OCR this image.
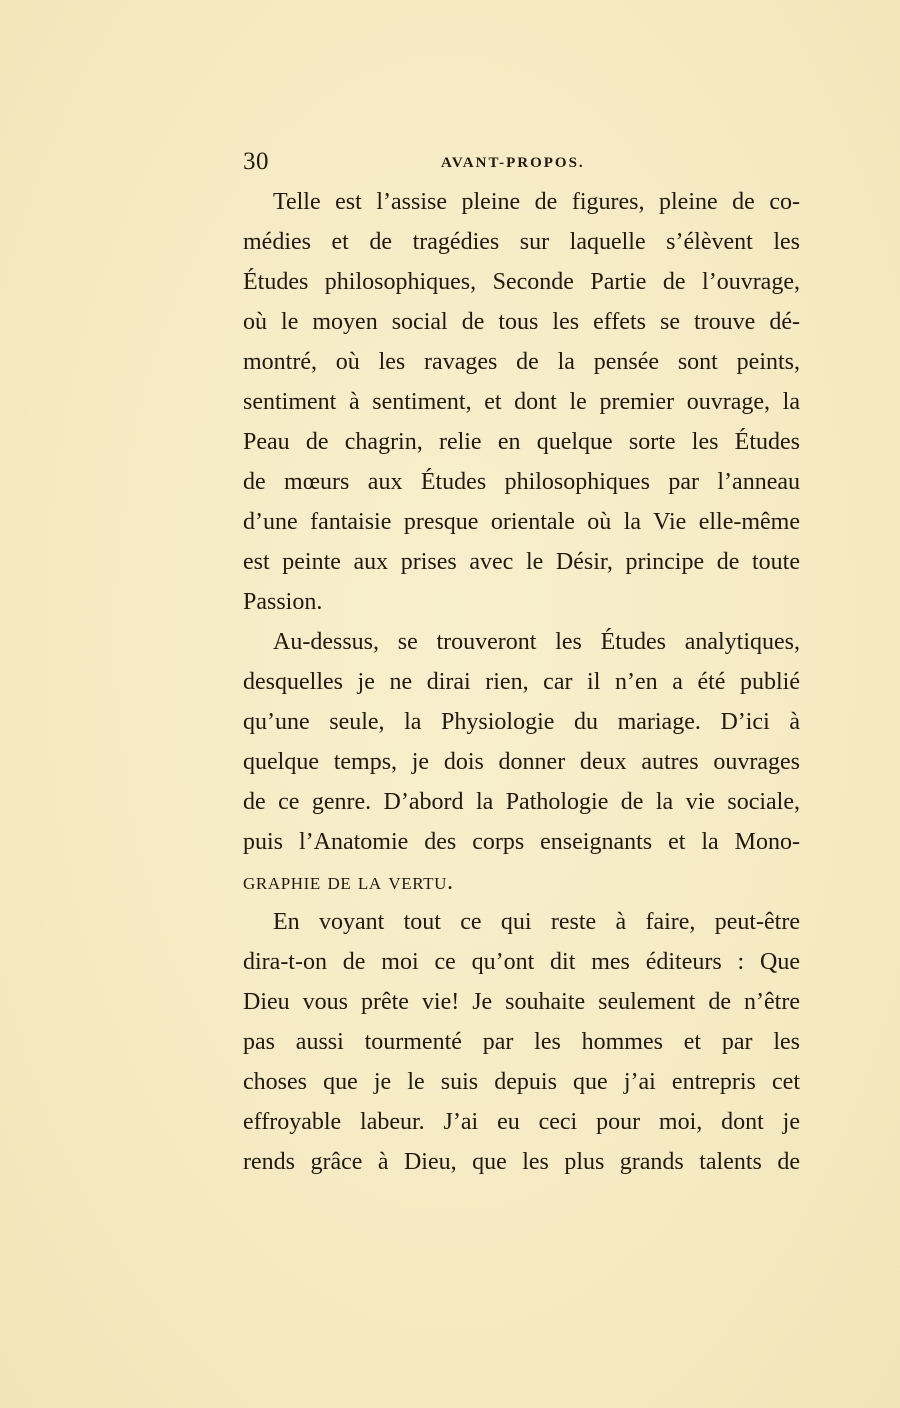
30	AVANT-PROPOS.
Telle est l’assise pleine de figures, pleine de co-
médies et de tragédies sur laquelle s’élèvent les
Études philosophiques, Seconde Partie de l’ouvrage,
où le moyen social de tous les effets se trouve dé-
montré, où les ravages de la pensée sont peints,
sentiment à sentiment, et dont le premier ouvrage, la
Peau de chagrin, relie en quelque sorte les Études
de mœurs aux Études philosophiques par l’anneau
d’une fantaisie presque orientale où la Vie elle-même
est peinte aux prises avec le Désir, principe de toute
Passion.
Au-dessus, se trouveront les Études analytiques,
desquelles je ne dirai rien, car il n’en a été publié
qu’une seule, la Physiologie du mariage. D’ici à
quelque temps, je dois donner deux autres ouvrages
de ce genre. D’abord la Pathologie de la vie sociale,
puis l’Anatomie des corps enseignants et la Mono-
graphie de la vertu.
En voyant tout ce qui reste à faire, peut-être
dira-t-on de moi ce qu’ont dit mes éditeurs : Que
Dieu vous prête vie! Je souhaite seulement de n’être
pas aussi tourmenté par les hommes et par les
choses que je le suis depuis que j’ai entrepris cet
effroyable labeur. J’ai eu ceci pour moi, dont je
rends grâce à Dieu, que les plus grands talents de
